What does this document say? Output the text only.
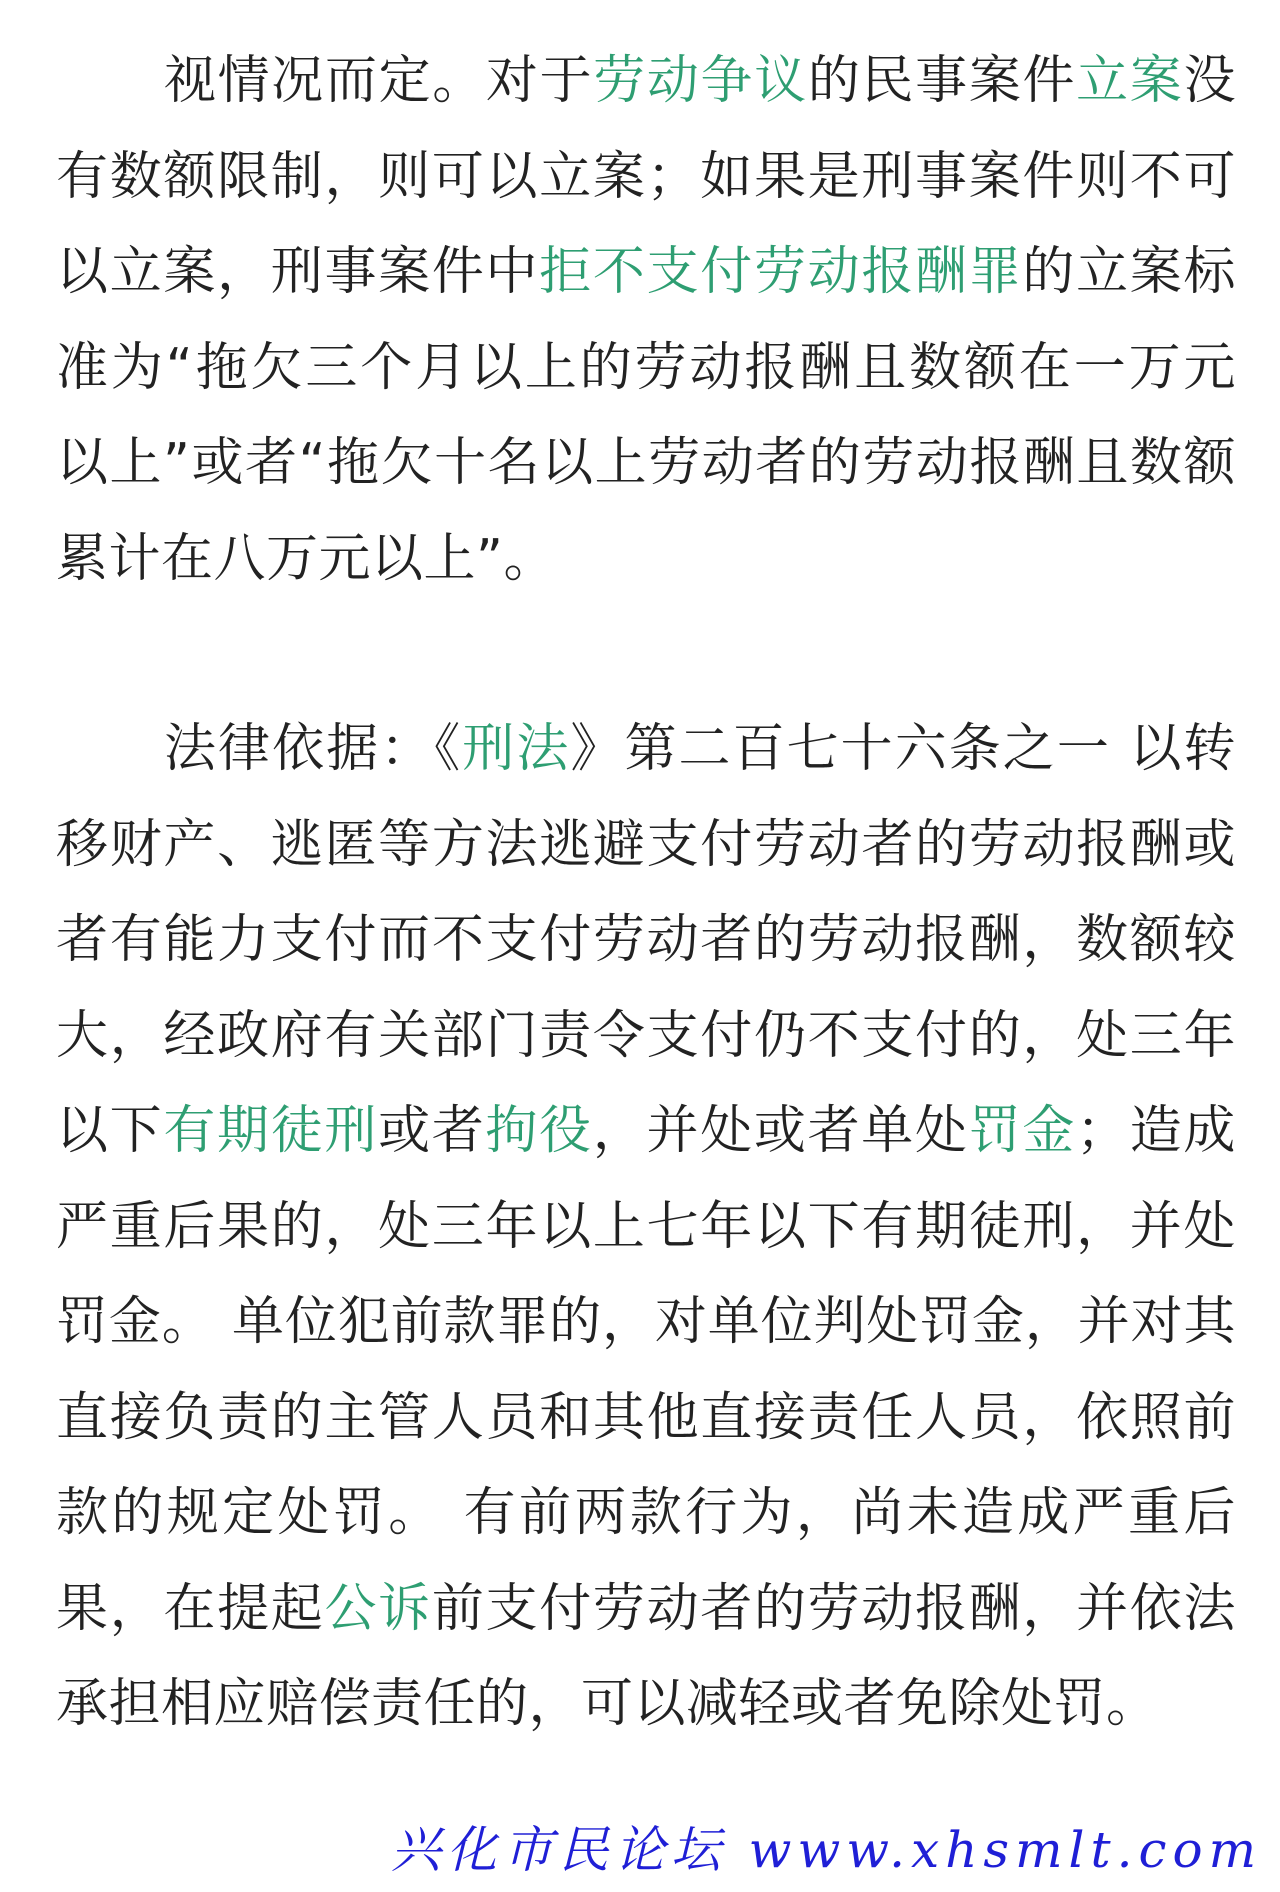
视情况而定。对于劳动争议的民事案件立案没有数额限制，则可以立案；如果是刑事案件则不可以立案，刑事案件中拒不支付劳动报酬罪的立案标准为“拖欠三个月以上的劳动报酬且数额在一万元以上”或者“拖欠十名以上劳动者的劳动报酬且数额累计在八万元以上”。

法律依据：《刑法》第二百七十六条之一 以转移财产、逃匿等方法逃避支付劳动者的劳动报酬或者有能力支付而不支付劳动者的劳动报酬，数额较大，经政府有关部门责令支付仍不支付的，处三年以下有期徒刑或者拘役，并处或者单处罚金；造成严重后果的，处三年以上七年以下有期徒刑，并处罚金。 单位犯前款罪的，对单位判处罚金，并对其直接负责的主管人员和其他直接责任人员，依照前款的规定处罚。 有前两款行为，尚未造成严重后果，在提起公诉前支付劳动者的劳动报酬，并依法承担相应赔偿责任的，可以减轻或者免除处罚。

兴化市民论坛 www.xhsmlt.com
